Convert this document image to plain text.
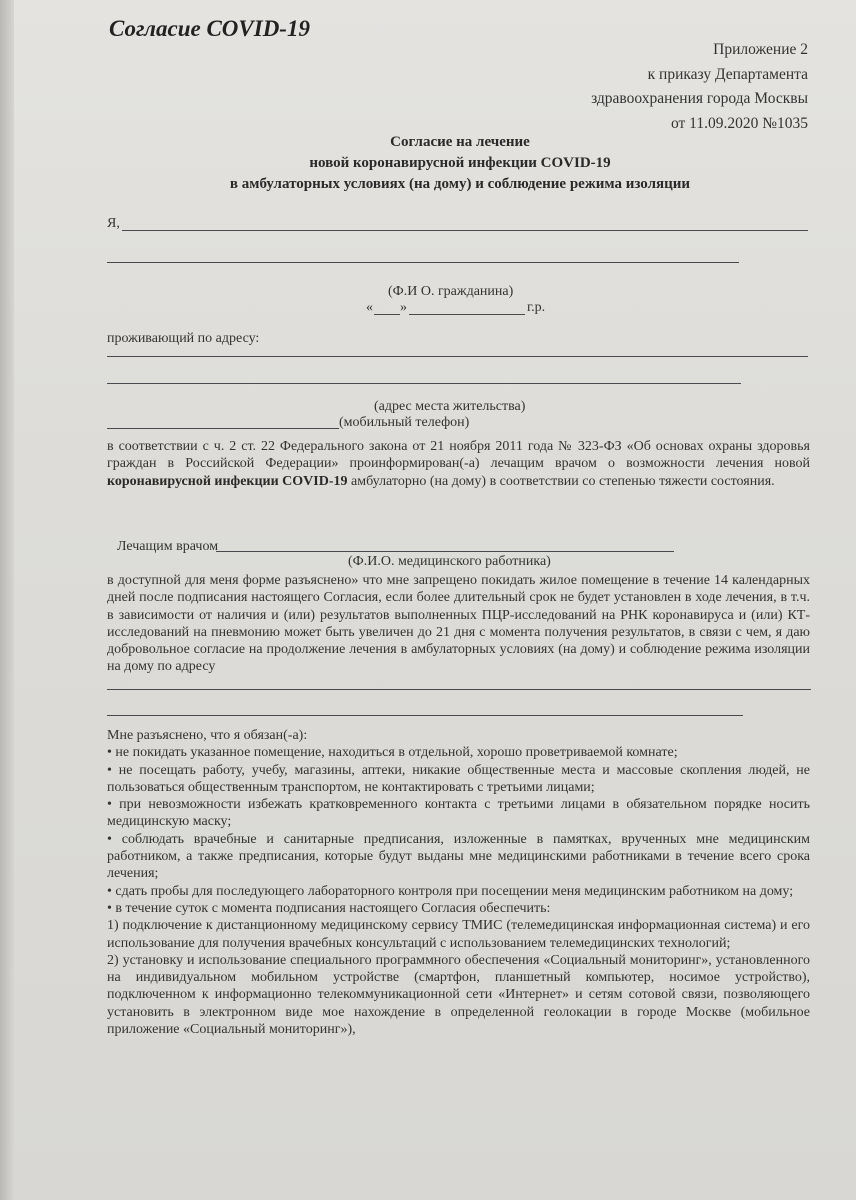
Согласие COVID-19
Приложение 2
к приказу Департамента
здравоохранения города Москвы
от 11.09.2020 №1035
Согласие на лечение
новой коронавирусной инфекции COVID-19
в амбулаторных условиях (на дому) и соблюдение режима изоляции
Я,
(Ф.И О. гражданина)
« »	г.р.
проживающий по адресу:
(адрес места жительства)
(мобильный телефон)

в соответствии с ч. 2 ст. 22 Федерального закона от 21 ноября 2011 года № 323-ФЗ «Об основах охраны здоровья граждан в Российской Федерации» проинформирован(-а) лечащим врачом о возможности лечения новой коронавирусной инфекции COVID-19 амбулаторно (на дому) в соответствии со степенью тяжести состояния.

Лечащим врачом
(Ф.И.О. медицинского работника)

в доступной для меня форме разъяснено» что мне запрещено покидать жилое помещение в течение 14 календарных дней после подписания настоящего Согласия, если более длительный срок не будет установлен в ходе лечения, в т.ч. в зависимости от наличия и (или) результатов выполненных ПЦР-исследований на РНК коронавируса и (или) КТ-исследований на пневмонию может быть увеличен до 21 дня с момента получения результатов, в связи с чем, я даю добровольное согласие на продолжение лечения в амбулаторных условиях (на дому) и соблюдение режима изоляции на дому по адресу

Мне разъяснено, что я обязан(-а):

• не покидать указанное помещение, находиться в отдельной, хорошо проветриваемой комнате;

• не посещать работу, учебу, магазины, аптеки, никакие общественные места и массовые скопления людей, не пользоваться общественным транспортом, не контактировать с третьими лицами;

• при невозможности избежать кратковременного контакта с третьими лицами в обязательном порядке носить медицинскую маску;

• соблюдать врачебные и санитарные предписания, изложенные в памятках, врученных мне медицинским работником, а также предписания, которые будут выданы мне медицинскими работниками в течение всего срока лечения;

• сдать пробы для последующего лабораторного контроля при посещении меня медицинским работником на дому;

• в течение суток с момента подписания настоящего Согласия обеспечить:

1) подключение к дистанционному медицинскому сервису ТМИС (телемедицинская информационная система) и его использование для получения врачебных консультаций с использованием телемедицинских технологий;

2) установку и использование специального программного обеспечения «Социальный мониторинг», установленного на индивидуальном мобильном устройстве (смартфон, планшетный компьютер, носимое устройство), подключенном к информационно телекоммуникационной сети «Интернет» и сетям сотовой связи, позволяющего установить в электронном виде мое нахождение в определенной геолокации в городе Москве (мобильное приложение «Социальный мониторинг»),
